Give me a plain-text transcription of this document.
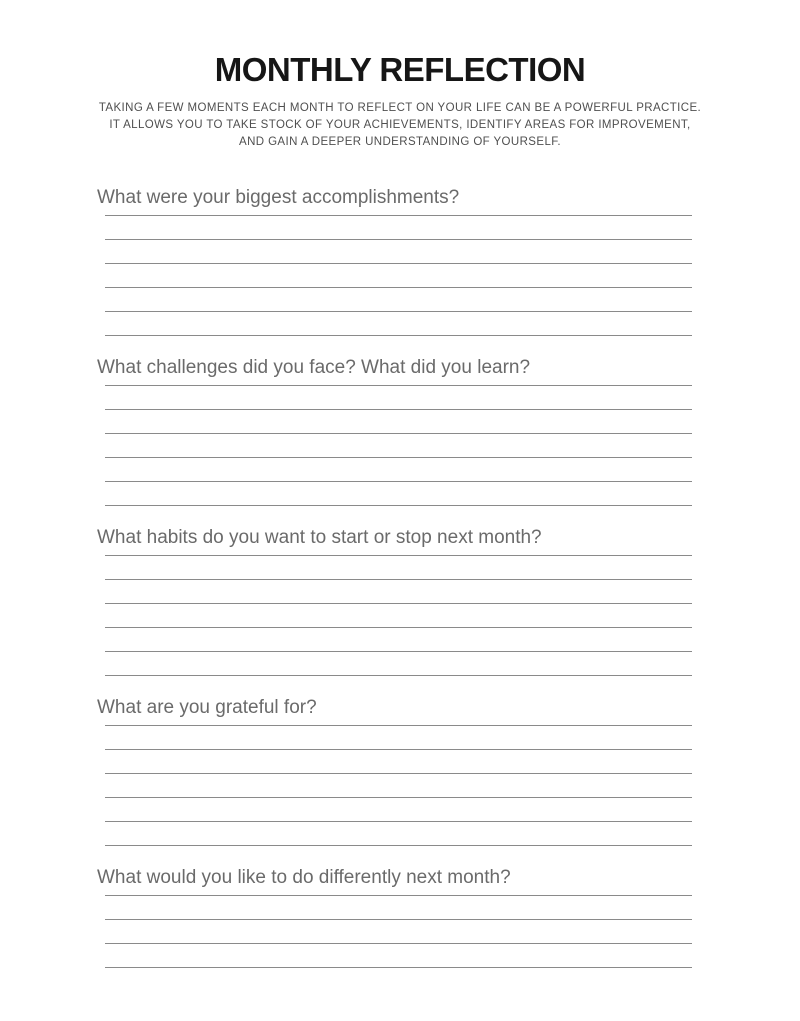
MONTHLY REFLECTION
TAKING A FEW MOMENTS EACH MONTH TO REFLECT ON YOUR LIFE CAN BE A POWERFUL PRACTICE.
IT ALLOWS YOU TO TAKE STOCK OF YOUR ACHIEVEMENTS, IDENTIFY AREAS FOR IMPROVEMENT,
AND GAIN A DEEPER UNDERSTANDING OF YOURSELF.
What were your biggest accomplishments?
What challenges did you face? What did you learn?
What habits do you want to start or stop next month?
What are you grateful for?
What would you like to do differently next month?
